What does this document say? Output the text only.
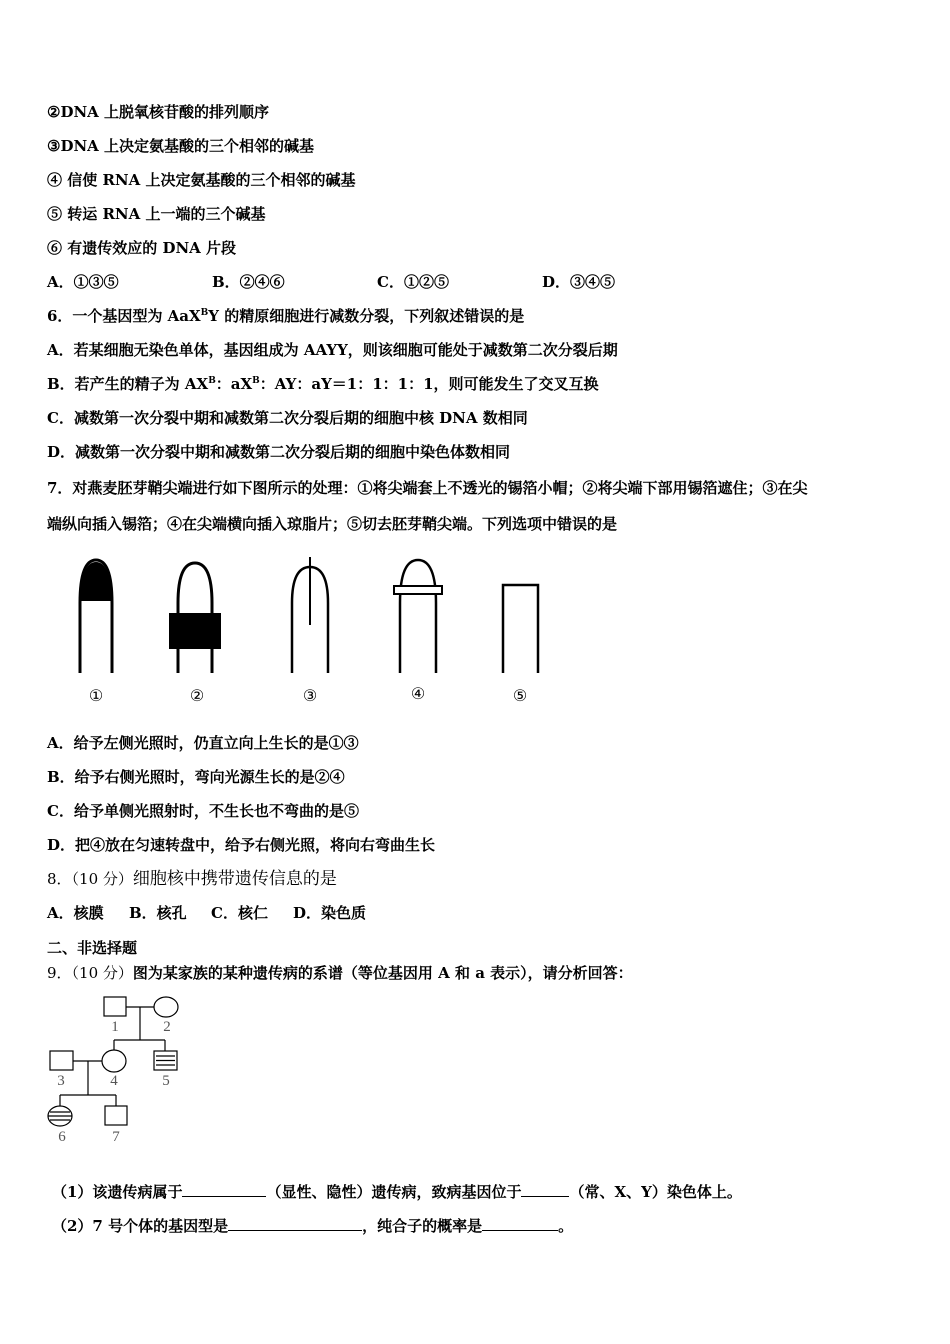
②DNA 上脱氧核苷酸的排列顺序
③DNA 上决定氨基酸的三个相邻的碱基
④ 信使 RNA 上决定氨基酸的三个相邻的碱基
⑤ 转运 RNA 上一端的三个碱基
⑥ 有遗传效应的 DNA 片段
A．①③⑤	B．②④⑥	C．①②⑤	D．③④⑤
6．一个基因型为 AaX$^B$Y 的精原细胞进行减数分裂，下列叙述错误的是
A．若某细胞无染色单体，基因组成为 AAYY，则该细胞可能处于减数第二次分裂后期
B．若产生的精子为 $AX^B$：$aX^B$：AY：aY＝1：1：1：1，则可能发生了交叉互换
C．减数第一次分裂中期和减数第二次分裂后期的细胞中核 DNA 数相同
D．减数第一次分裂中期和减数第二次分裂后期的细胞中染色体数相同
7．对燕麦胚芽鞘尖端进行如下图所示的处理：①将尖端套上不透光的锡箔小帽；②将尖端下部用锡箔遮住；③在尖
端纵向插入锡箔；④在尖端横向插入琼脂片；⑤切去胚芽鞘尖端。下列选项中错误的是
①	②	③	④	⑤
A．给予左侧光照时，仍直立向上生长的是①③
B．给予右侧光照时，弯向光源生长的是②④
C．给予单侧光照射时，不生长也不弯曲的是⑤
D．把④放在匀速转盘中，给予右侧光照，将向右弯曲生长
8．（10 分）细胞核中携带遗传信息的是
A．核膜 B．核孔 C．核仁 D．染色质
二、非选择题
9．（10 分）图为某家族的某种遗传病的系谱（等位基因用 A 和 a 表示），请分析回答：
1	2
3	4	5
6	7
（1）该遗传病属于	（显性、隐性）遗传病，致病基因位于	（常、X、Y）染色体上。
（2）7 号个体的基因型是	，纯合子的概率是	。
